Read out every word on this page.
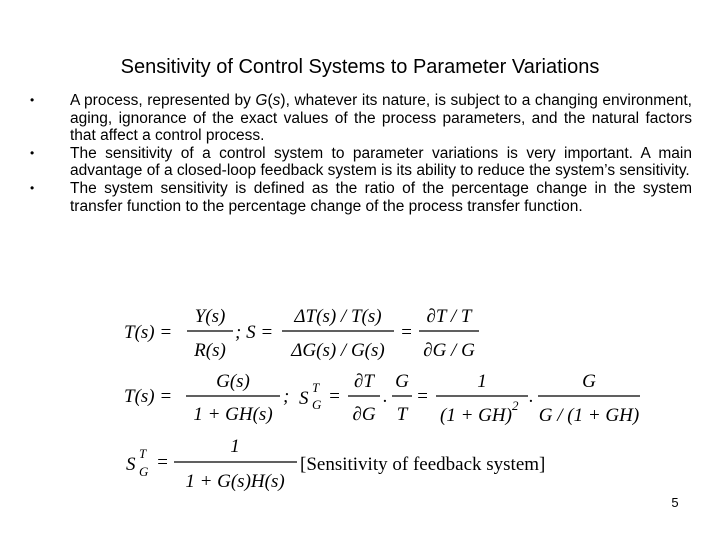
Sensitivity of Control Systems to Parameter Variations
• A process, represented by G(s), whatever its nature, is subject to a changing environment, aging, ignorance of the exact values of the process parameters, and the natural factors that affect a control process.
• The sensitivity of a control system to parameter variations is very important. A main advantage of a closed-loop feedback system is its ability to reduce the system’s sensitivity.
• The system sensitivity is defined as the ratio of the percentage change in the system transfer function to the percentage change of the process transfer function.
T(s) =
Y(s)
R(s)
; S =
ΔT(s) / T(s)
ΔG(s) / G(s)
=
∂T / T
∂G / G
T(s) =
G(s)
1 + GH(s)
; S
T
G =
∂T
∂G
.
G
T
=
1
(1 + GH) 2 .
G
G / (1 + GH)
S
T
G =
1
1 + G(s)H(s)
[Sensitivity of feedback system]
5
